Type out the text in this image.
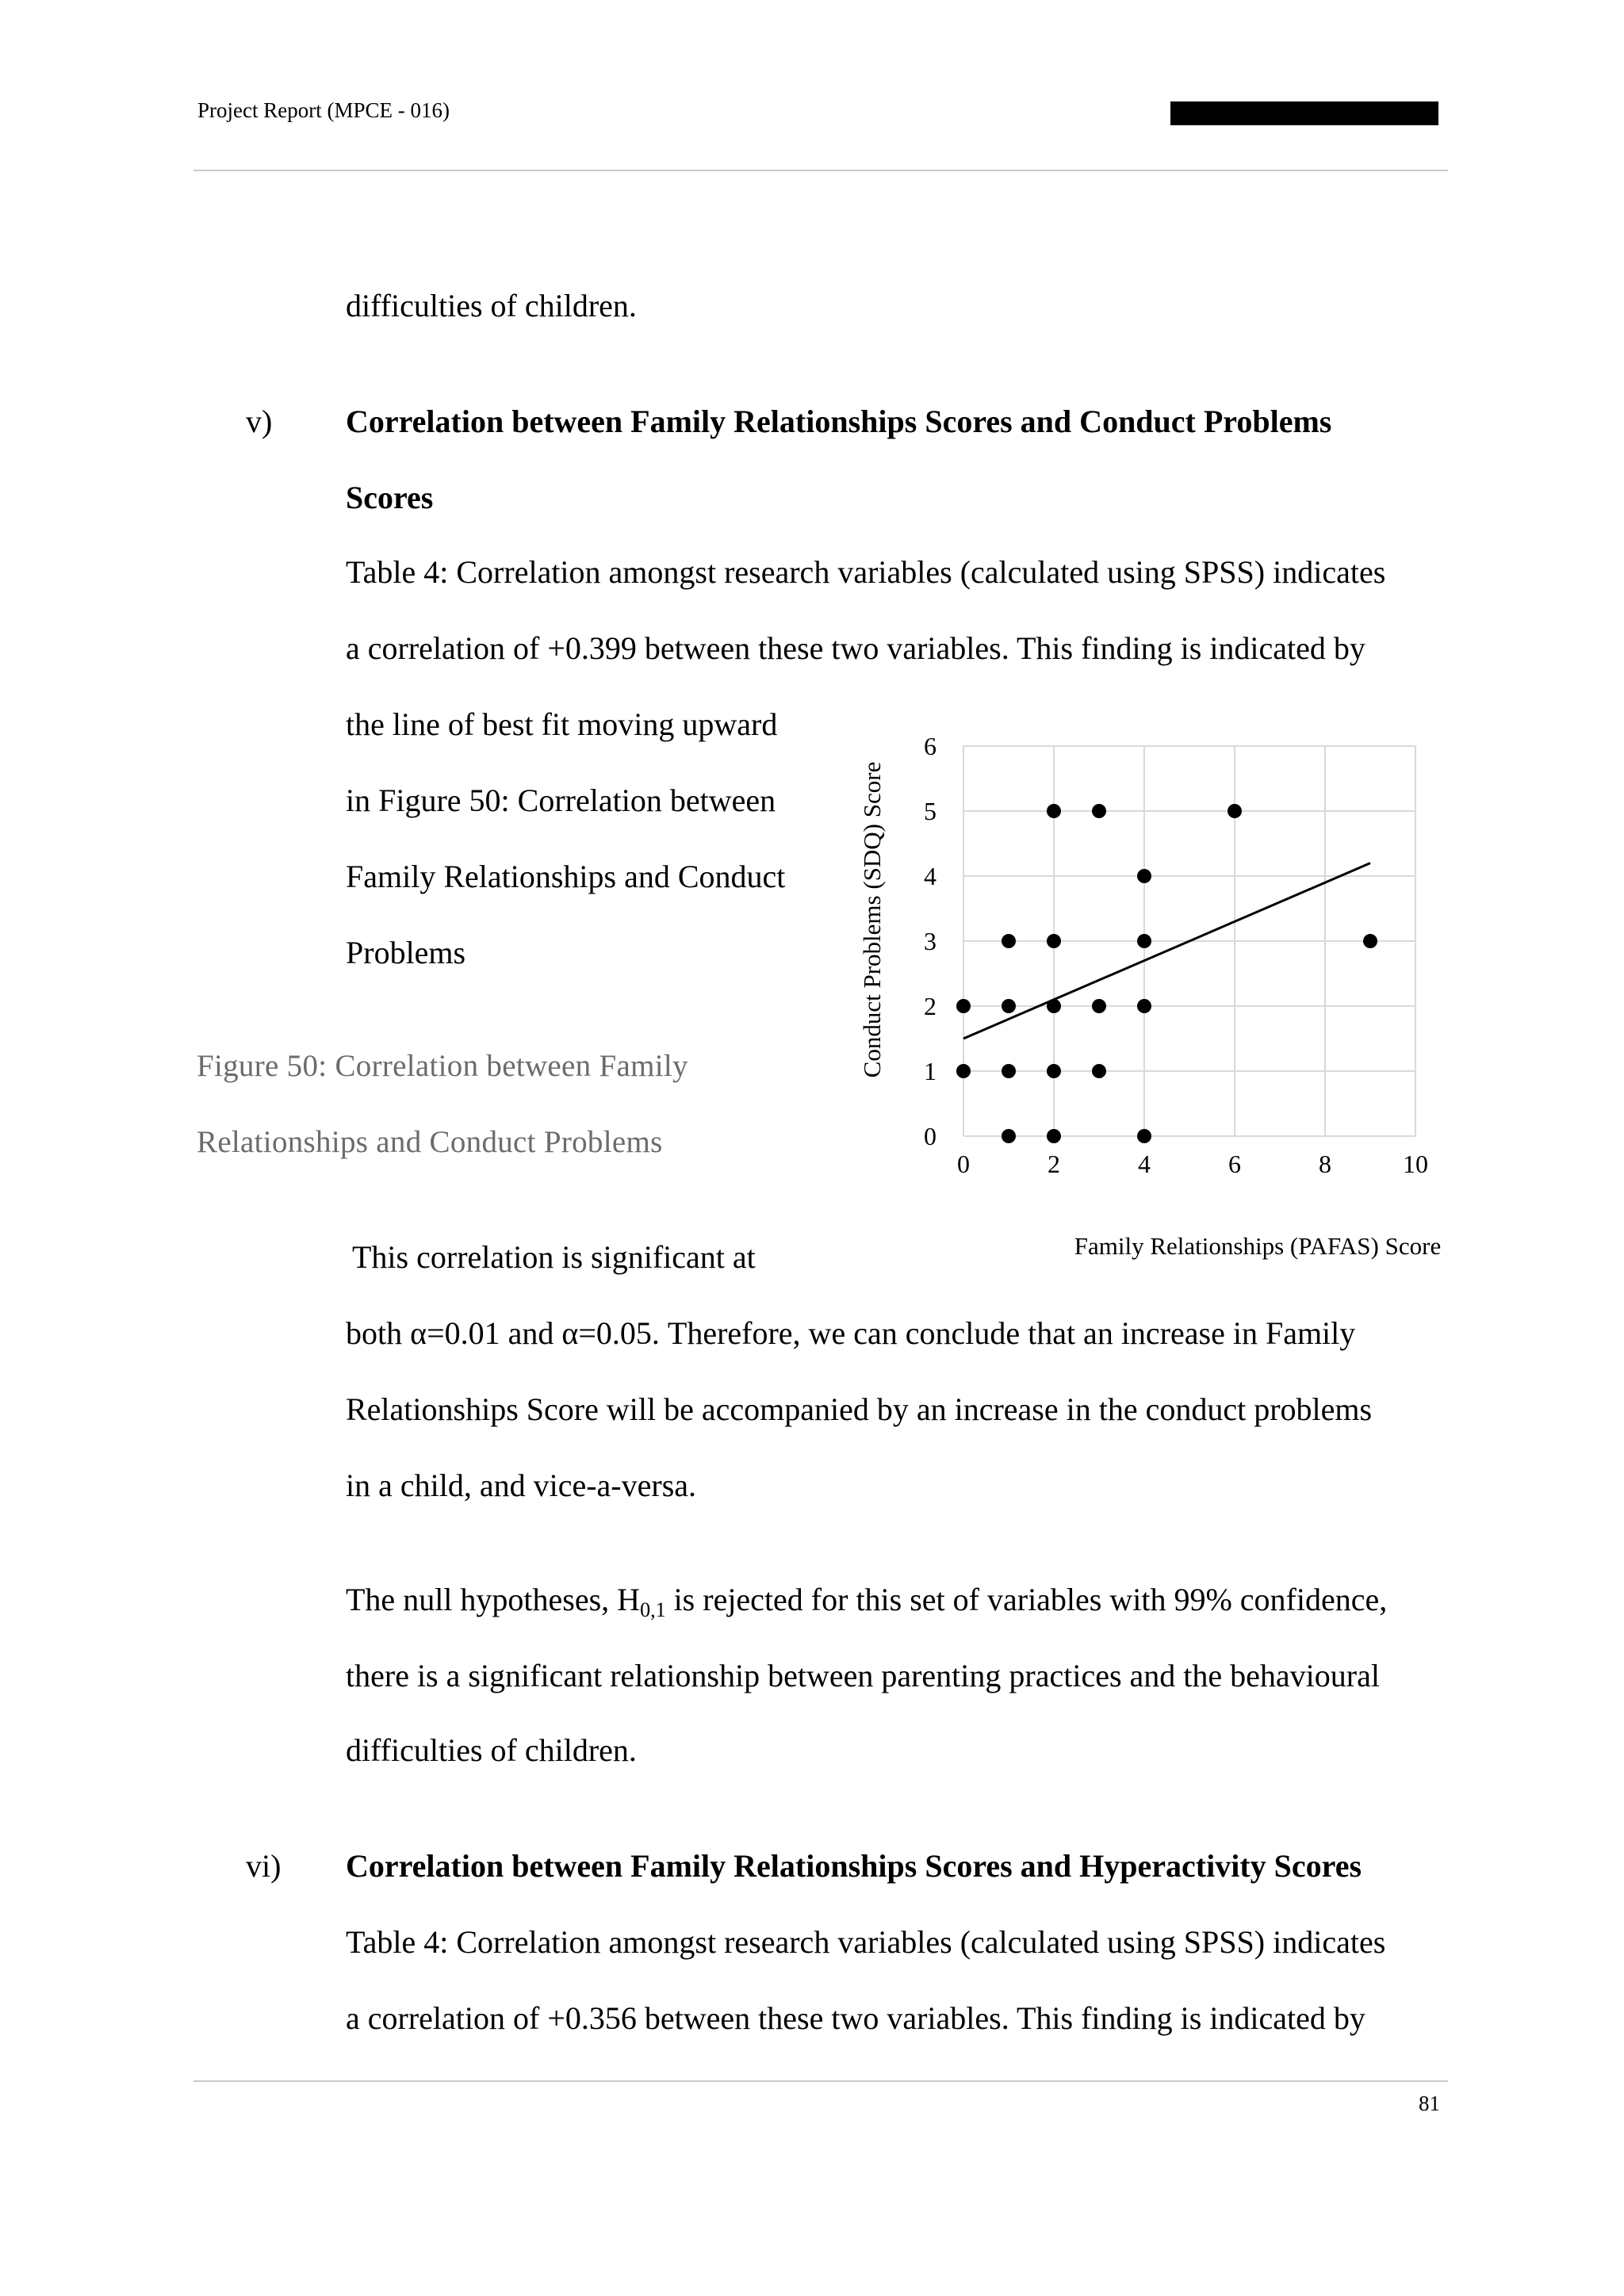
Project Report (MPCE - 016)
difficulties of children.
v) Correlation between Family Relationships Scores and Conduct Problems
Scores
Table 4: Correlation amongst research variables (calculated using SPSS) indicates
a correlation of +0.399 between these two variables. This finding is indicated by
the line of best fit moving upward
in Figure 50: Correlation between
Family Relationships and Conduct
Problems
Figure 50: Correlation between Family
Relationships and Conduct Problems
0	2	4	6	8	10
0
1
2
3
4
5
6
Conduct Problems (SDQ) Score
Family Relationships (PAFAS) Score
This correlation is significant at
both α=0.01 and α=0.05. Therefore, we can conclude that an increase in Family
Relationships Score will be accompanied by an increase in the conduct problems
in a child, and vice-a-versa.
The null hypotheses, $H_{0,1}$ is rejected for this set of variables with 99% confidence,
there is a significant relationship between parenting practices and the behavioural
difficulties of children.
vi) Correlation between Family Relationships Scores and Hyperactivity Scores
Table 4: Correlation amongst research variables (calculated using SPSS) indicates
a correlation of +0.356 between these two variables. This finding is indicated by
81
